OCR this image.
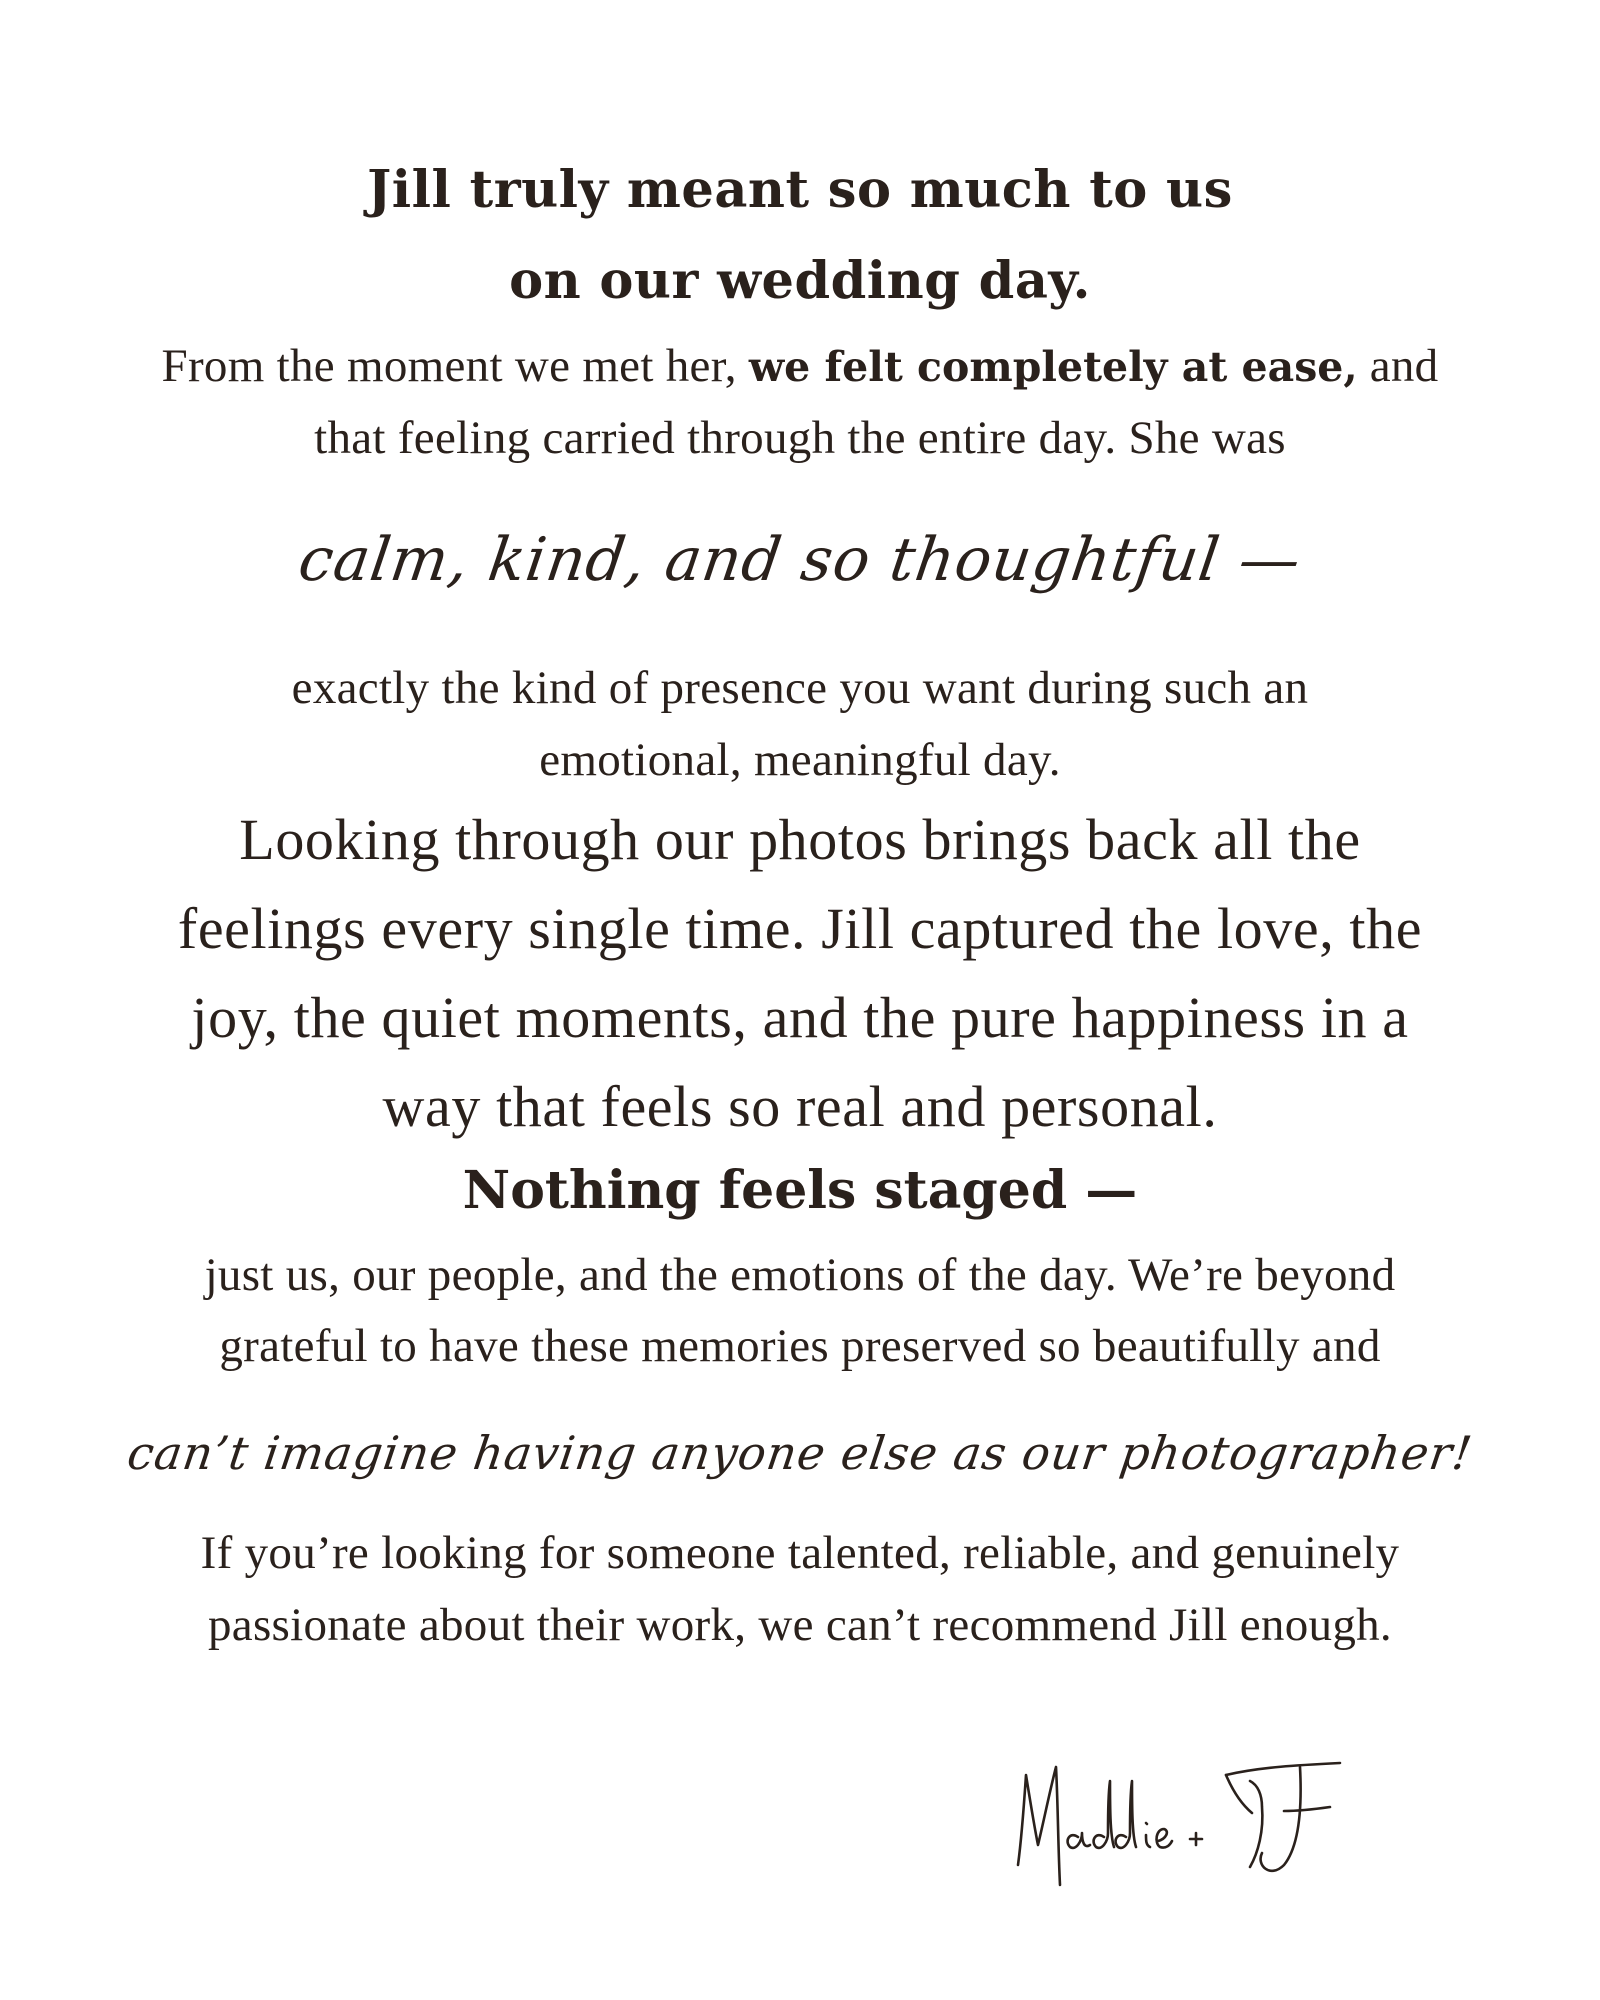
Jill truly meant so much to us
on our wedding day.
From the moment we met her, we felt completely at ease, and
that feeling carried through the entire day. She was
calm, kind, and so thoughtful —
exactly the kind of presence you want during such an
emotional, meaningful day.
Looking through our photos brings back all the
feelings every single time. Jill captured the love, the
joy, the quiet moments, and the pure happiness in a
way that feels so real and personal.
Nothing feels staged —
just us, our people, and the emotions of the day. We’re beyond
grateful to have these memories preserved so beautifully and
can’t imagine having anyone else as our photographer!
If you’re looking for someone talented, reliable, and genuinely
passionate about their work, we can’t recommend Jill enough.
